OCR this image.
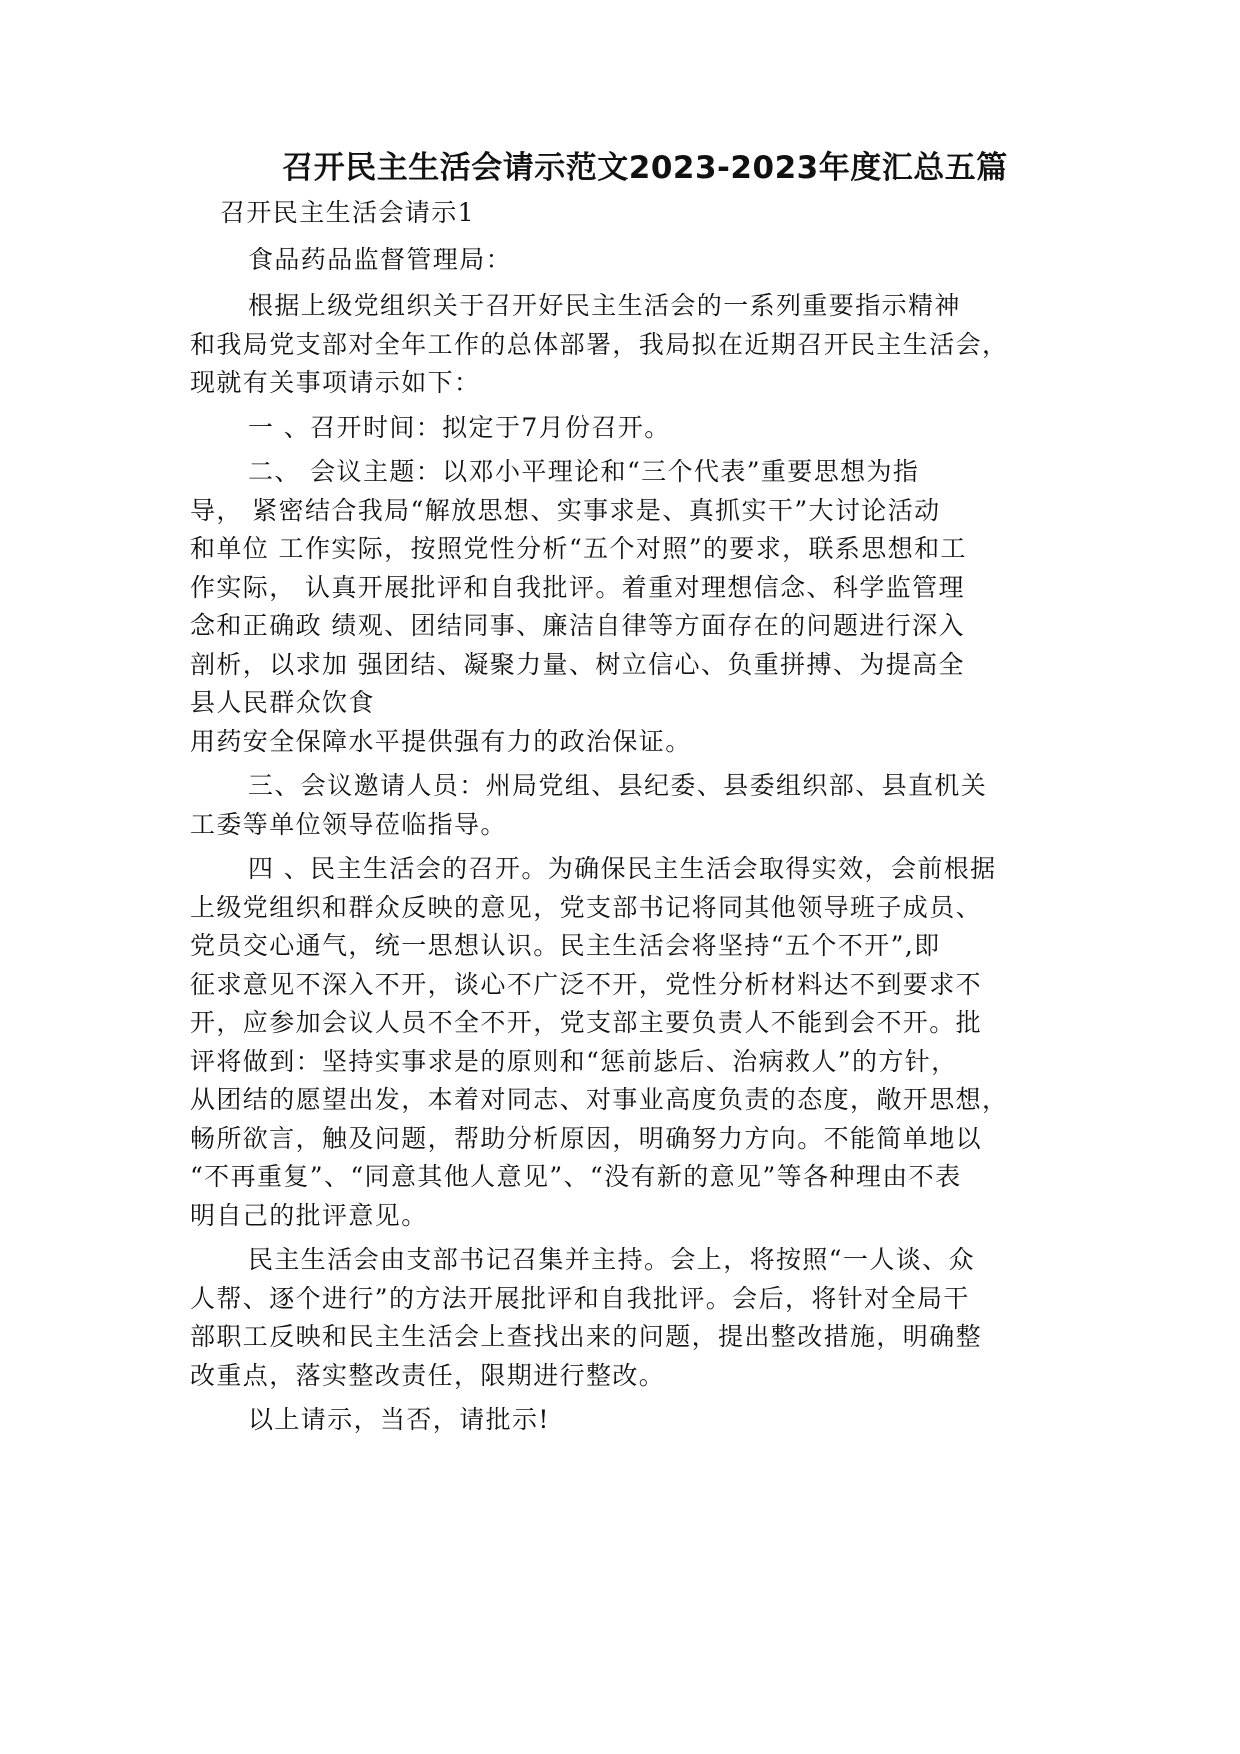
召开民主生活会请示范文2023-2023年度汇总五篇

召开民主生活会请示1

食品药品监督管理局：

根据上级党组织关于召开好民主生活会的一系列重要指示精神

和我局党支部对全年工作的总体部署，我局拟在近期召开民主生活会，

现就有关事项请示如下：

一 、召开时间：拟定于7月份召开。

二、 会议主题：以邓小平理论和“三个代表”重要思想为指

导， 紧密结合我局“解放思想、实事求是、真抓实干”大讨论活动

和单位 工作实际，按照党性分析“五个对照”的要求，联系思想和工

作实际， 认真开展批评和自我批评。着重对理想信念、科学监管理

念和正确政 绩观、团结同事、廉洁自律等方面存在的问题进行深入

剖析，以求加 强团结、凝聚力量、树立信心、负重拼搏、为提高全

县人民群众饮食

用药安全保障水平提供强有力的政治保证。

三、会议邀请人员：州局党组、县纪委、县委组织部、县直机关

工委等单位领导莅临指导。

四 、民主生活会的召开。为确保民主生活会取得实效，会前根据

上级党组织和群众反映的意见，党支部书记将同其他领导班子成员、

党员交心通气，统一思想认识。民主生活会将坚持“五个不开”,即

征求意见不深入不开，谈心不广泛不开，党性分析材料达不到要求不

开，应参加会议人员不全不开，党支部主要负责人不能到会不开。批

评将做到：坚持实事求是的原则和“惩前毖后、治病救人”的方针，

从团结的愿望出发，本着对同志、对事业高度负责的态度，敞开思想，

畅所欲言，触及问题，帮助分析原因，明确努力方向。不能简单地以

“不再重复”、“同意其他人意见”、“没有新的意见”等各种理由不表

明自己的批评意见。

民主生活会由支部书记召集并主持。会上，将按照“一人谈、众

人帮、逐个进行”的方法开展批评和自我批评。会后，将针对全局干

部职工反映和民主生活会上查找出来的问题，提出整改措施，明确整

改重点，落实整改责任，限期进行整改。

以上请示，当否，请批示!
